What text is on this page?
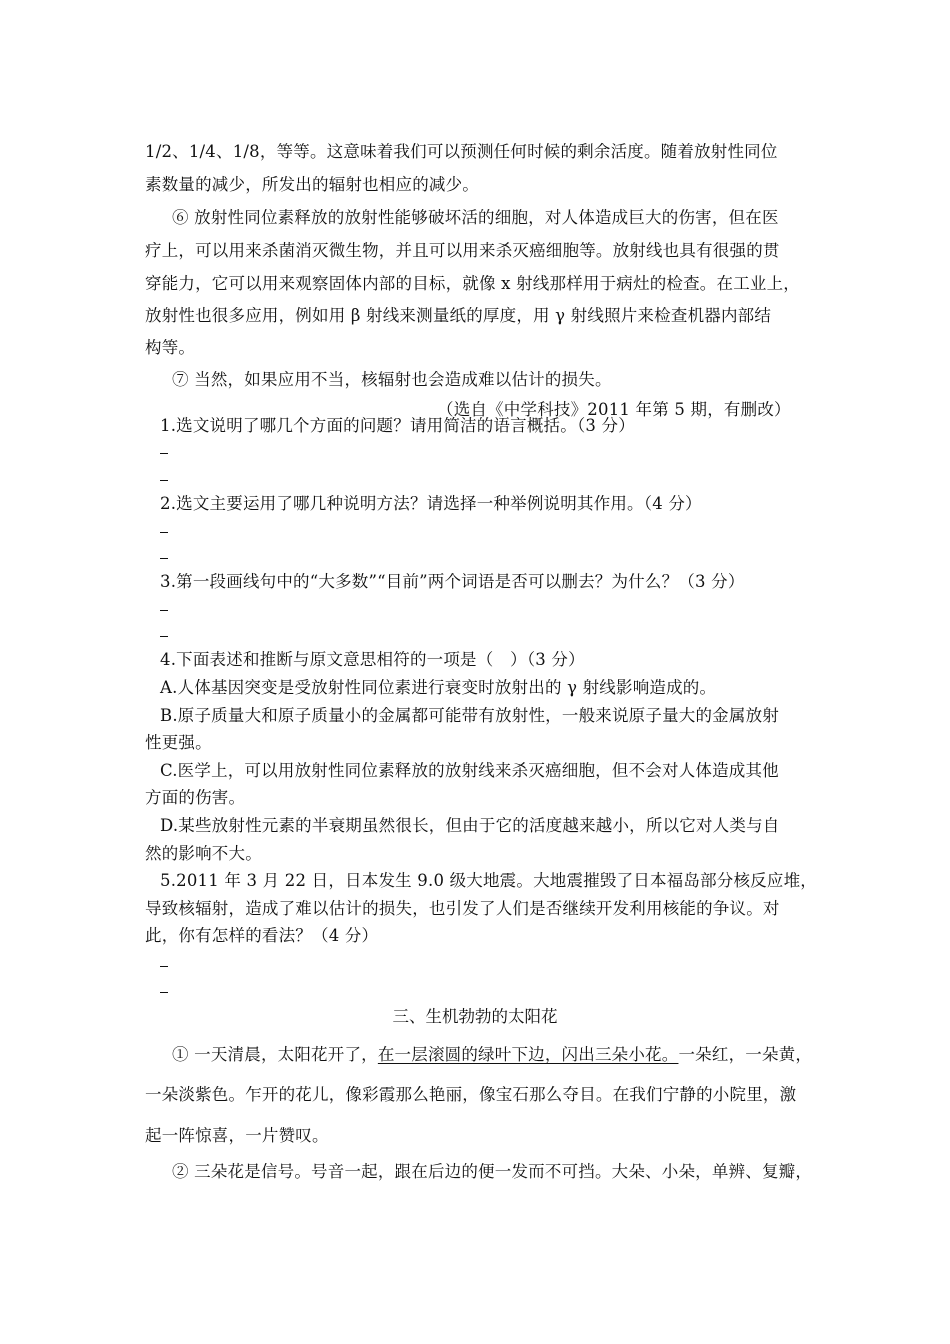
1/2、1/4、1/8，等等。这意味着我们可以预测任何时候的剩余活度。随着放射性同位
素数量的减少，所发出的辐射也相应的减少。
⑥ 放射性同位素释放的放射性能够破坏活的细胞，对人体造成巨大的伤害，但在医
疗上，可以用来杀菌消灭微生物，并且可以用来杀灭癌细胞等。放射线也具有很强的贯
穿能力，它可以用来观察固体内部的目标，就像 x 射线那样用于病灶的检查。在工业上，
放射性也很多应用，例如用 β 射线来测量纸的厚度，用 γ 射线照片来检查机器内部结
构等。
⑦ 当然，如果应用不当，核辐射也会造成难以估计的损失。
（选自《中学科技》2011 年第 5 期，有删改）
1.选文说明了哪几个方面的问题？请用简洁的语言概括。（3 分）
2.选文主要运用了哪几种说明方法？请选择一种举例说明其作用。（4 分）
3.第一段画线句中的“大多数”“目前”两个词语是否可以删去？为什么？（3 分）
4.下面表述和推断与原文意思相符的一项是（　）（3 分）
A.人体基因突变是受放射性同位素进行衰变时放射出的 γ 射线影响造成的。
B.原子质量大和原子质量小的金属都可能带有放射性，一般来说原子量大的金属放射
性更强。
C.医学上，可以用放射性同位素释放的放射线来杀灭癌细胞，但不会对人体造成其他
方面的伤害。
D.某些放射性元素的半衰期虽然很长，但由于它的活度越来越小，所以它对人类与自
然的影响不大。
5.2011 年 3 月 22 日，日本发生 9.0 级大地震。大地震摧毁了日本福岛部分核反应堆，
导致核辐射，造成了难以估计的损失，也引发了人们是否继续开发利用核能的争议。对
此，你有怎样的看法？（4 分）
三、生机勃勃的太阳花
① 一天清晨，太阳花开了，在一层滚圆的绿叶下边，闪出三朵小花。一朵红，一朵黄，
一朵淡紫色。乍开的花儿，像彩霞那么艳丽，像宝石那么夺目。在我们宁静的小院里，激
起一阵惊喜，一片赞叹。
② 三朵花是信号。号音一起，跟在后边的便一发而不可挡。大朵、小朵，单辨、复瓣，
